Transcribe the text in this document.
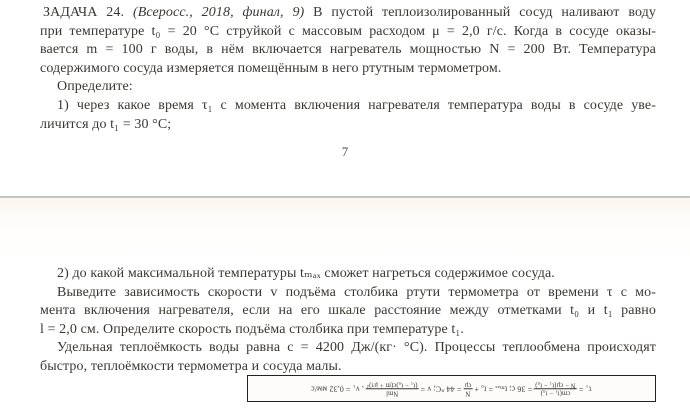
ЗАДАЧА 24. (Всеросс., 2018, финал, 9) В пустой теплоизолированный сосуд наливают воду
при температуре t₀ = 20 °C струйкой с массовым расходом μ = 2,0 г/с. Когда в сосуде оказы-
вается m = 100 г воды, в нём включается нагреватель мощностью N = 200 Вт. Температура
содержимого сосуда измеряется помещённым в него ртутным термометром.
Определите:
1) через какое время τ₁ с момента включения нагревателя температура воды в сосуде уве-
личится до t₁ = 30 °C;
7
2) до какой максимальной температуры tₘₐₓ сможет нагреться содержимое сосуда.
Выведите зависимость скорости v подъёма столбика ртути термометра от времени τ с мо-
мента включения нагревателя, если на его шкале расстояние между отметками t₀ и t₁ равно
l = 2,0 см. Определите скорость подъёма столбика при температуре t₁.
Удельная теплоёмкость воды равна c = 4200 Дж/(кг· °C). Процессы теплообмена происходят
быстро, теплоёмкости термометра и сосуда малы.
τ₁ =
cm(t₁ − t₀)
N − cμ(t₁ − t₀)
= 36 с; tₘₐₓ = t₀ +
N
cμ
= 44 °C; v =
Nml
(t₁ − t₀)c(m + μτ)²
, v₁ = 0,32 мм/с
